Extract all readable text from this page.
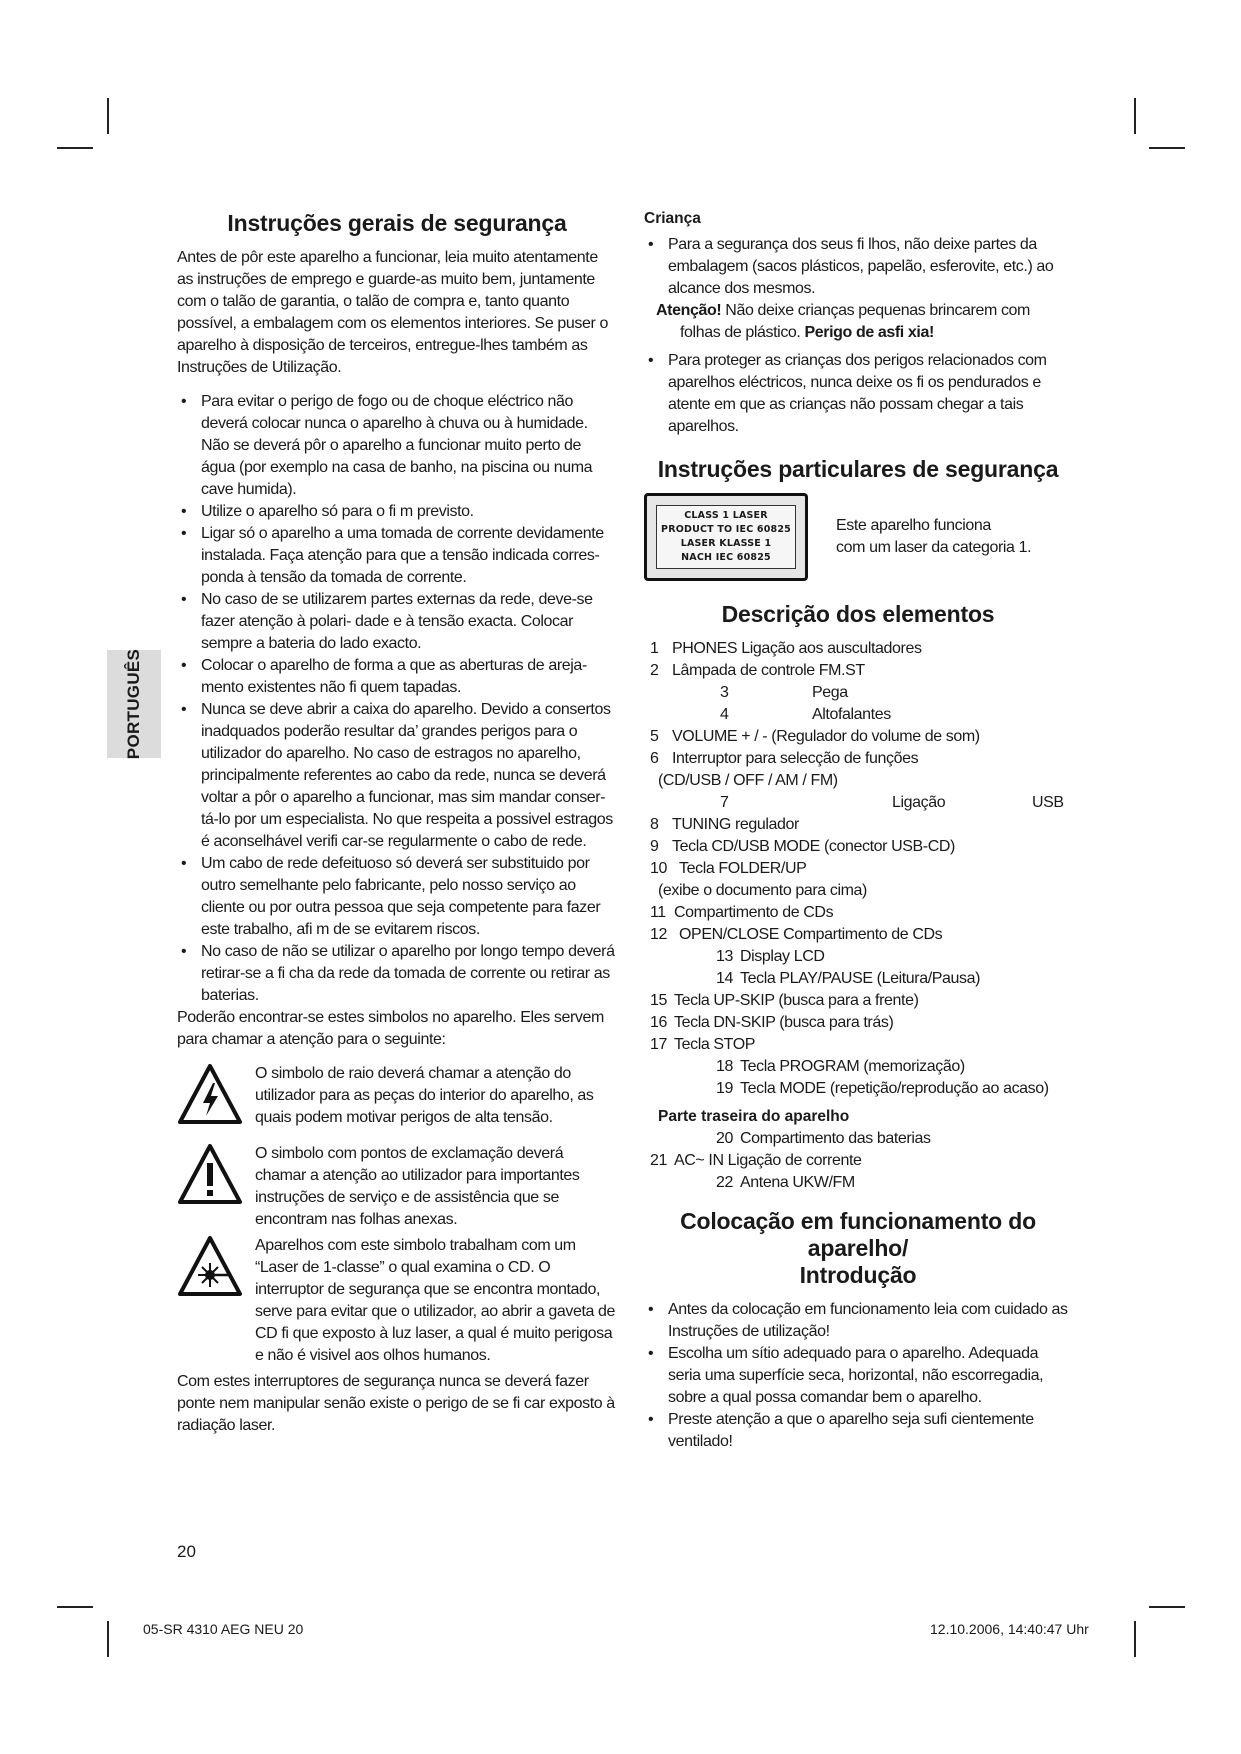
PORTUGUÊS
Instruções gerais de segurança

Antes de pôr este aparelho a funcionar, leia muito atentamente as instruções de emprego e guarde-as muito bem, juntamente com o talão de garantia, o talão de compra e, tanto quanto possível, a embalagem com os elementos interiores. Se puser o aparelho à disposição de terceiros, entregue-lhes também as Instruções de Utilização.

• Para evitar o perigo de fogo ou de choque eléctrico não deverá colocar nunca o aparelho à chuva ou à humidade. Não se deverá pôr o aparelho a funcionar muito perto de água (por exemplo na casa de banho, na piscina ou numa cave humida).
• Utilize o aparelho só para o fi m previsto.
• Ligar só o aparelho a uma tomada de corrente devidamente instalada. Faça atenção para que a tensão indicada corres- ponda à tensão da tomada de corrente.
• No caso de se utilizarem partes externas da rede, deve-se fazer atenção à polari- dade e à tensão exacta. Colocar sempre a bateria do lado exacto.
• Colocar o aparelho de forma a que as aberturas de areja- mento existentes não fi quem tapadas.
• Nunca se deve abrir a caixa do aparelho. Devido a consertos inadquados poderão resultar da’ grandes perigos para o utilizador do aparelho. No caso de estragos no aparelho, principalmente referentes ao cabo da rede, nunca se deverá voltar a pôr o aparelho a funcionar, mas sim mandar conser- tá-lo por um especialista. No que respeita a possivel estragos é aconselhável verifi car-se regularmente o cabo de rede.
• Um cabo de rede defeituoso só deverá ser substituido por outro semelhante pelo fabricante, pelo nosso serviço ao cliente ou por outra pessoa que seja competente para fazer este trabalho, afi m de se evitarem riscos.
• No caso de não se utilizar o aparelho por longo tempo deverá retirar-se a fi cha da rede da tomada de corrente ou retirar as baterias.

Poderão encontrar-se estes simbolos no aparelho. Eles servem para chamar a atenção para o seguinte:

O simbolo de raio deverá chamar a atenção do utilizador para as peças do interior do aparelho, as quais podem motivar perigos de alta tensão.
O simbolo com pontos de exclamação deverá chamar a atenção ao utilizador para importantes instruções de serviço e de assistência que se encontram nas folhas anexas.
Aparelhos com este simbolo trabalham com um “Laser de 1-classe” o qual examina o CD. O interruptor de segurança que se encontra montado, serve para evitar que o utilizador, ao abrir a gaveta de CD fi que exposto à luz laser, a qual é muito perigosa e não é visivel aos olhos humanos.

Com estes interruptores de segurança nunca se deverá fazer ponte nem manipular senão existe o perigo de se fi car exposto à radiação laser.

Criança
• Para a segurança dos seus fi lhos, não deixe partes da embalagem (sacos plásticos, papelão, esferovite, etc.) ao alcance dos mesmos.
Atenção! Não deixe crianças pequenas brincarem com
folhas de plástico. Perigo de asfi xia!
• Para proteger as crianças dos perigos relacionados com aparelhos eléctricos, nunca deixe os fi os pendurados e atente em que as crianças não possam chegar a tais aparelhos.
Instruções particulares de segurança
CLASS 1 LASER
PRODUCT TO IEC 60825
LASER KLASSE 1
NACH IEC 60825
Este aparelho funciona
com um laser da categoria 1.
Descrição dos elementos
1 PHONES Ligação aos auscultadores
2 Lâmpada de controle FM.ST
3	Pega
4	Altofalantes
5 VOLUME + / - (Regulador do volume de som)
6 Interruptor para selecção de funções
(CD/USB / OFF / AM / FM)
7	Ligação	USB
8 TUNING regulador
9 Tecla CD/USB MODE (conector USB-CD)
10 Tecla FOLDER/UP
(exibe o documento para cima)
11 Compartimento de CDs
12 OPEN/CLOSE Compartimento de CDs
13 Display LCD
14 Tecla PLAY/PAUSE (Leitura/Pausa)
15 Tecla UP-SKIP (busca para a frente)
16 Tecla DN-SKIP (busca para trás)
17 Tecla STOP
18 Tecla PROGRAM (memorização)
19 Tecla MODE (repetição/reprodução ao acaso)
Parte traseira do aparelho
20 Compartimento das baterias
21 AC~ IN Ligação de corrente
22 Antena UKW/FM
Colocação em funcionamento do aparelho/
Introdução
• Antes da colocação em funcionamento leia com cuidado as Instruções de utilização!
• Escolha um sítio adequado para o aparelho. Adequada seria uma superfície seca, horizontal, não escorregadia, sobre a qual possa comandar bem o aparelho.
• Preste atenção a que o aparelho seja sufi cientemente ventilado!
20
05-SR 4310 AEG NEU 20	12.10.2006, 14:40:47 Uhr
